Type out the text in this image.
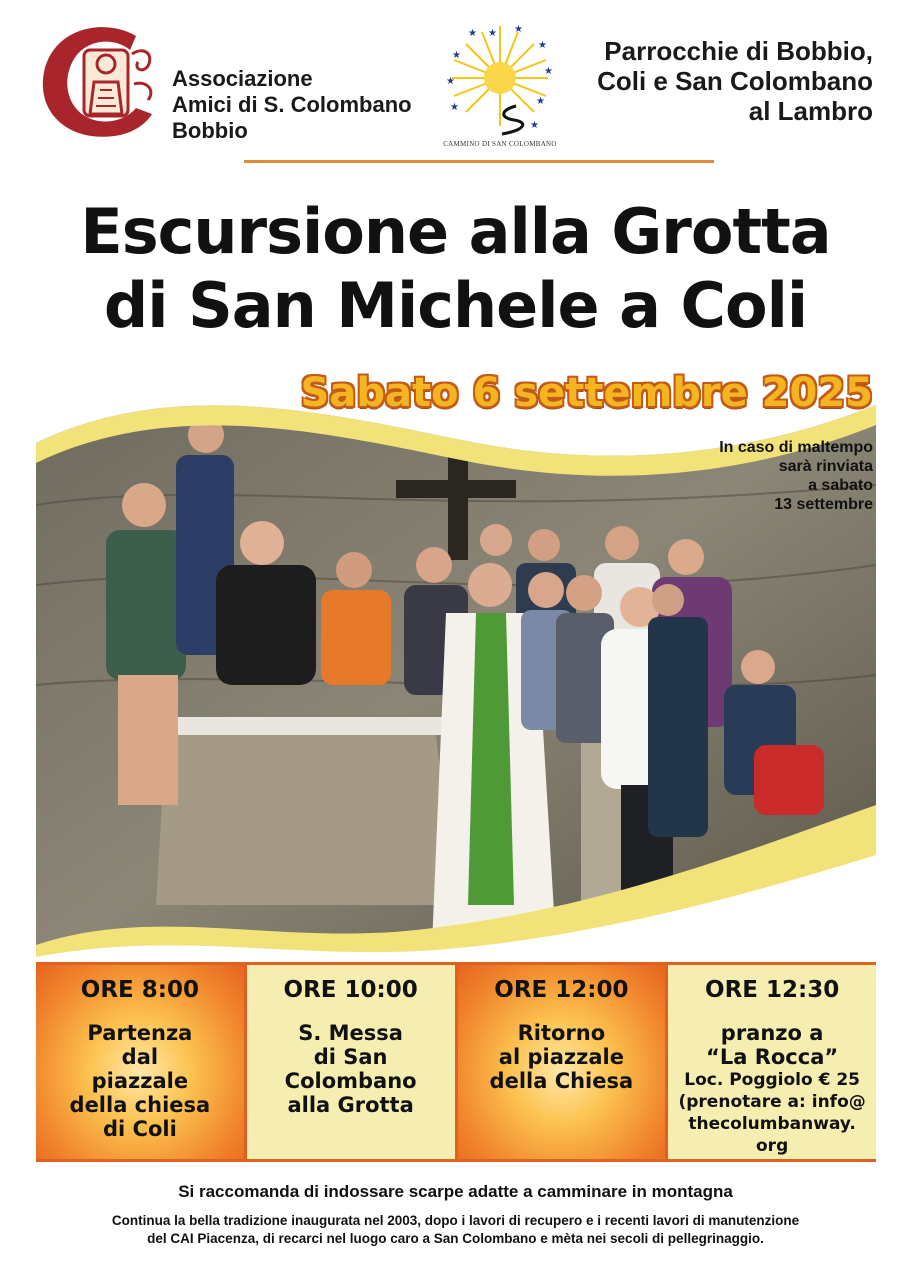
Associazione
Amici di S. Colombano
Bobbio
★	★
★
★
★
★
★
★
★
★
CAMMINO DI SAN COLOMBANO
Parrocchie di Bobbio,
Coli e San Colombano
al Lambro
Escursione alla Grotta
di San Michele a Coli
Sabato 6 settembre 2025
In caso di maltempo
sarà rinviata
a sabato
13 settembre
ORE 8:00
Partenza
dal
piazzale
della chiesa
di Coli
ORE 10:00
S. Messa
di San
Colombano
alla Grotta
ORE 12:00
Ritorno
al piazzale
della Chiesa
ORE 12:30
pranzo a
“La Rocca”
Loc. Poggiolo € 25
(prenotare a: info@
thecolumbanway.
org
Si raccomanda di indossare scarpe adatte a camminare in montagna
Continua la bella tradizione inaugurata nel 2003, dopo i lavori di recupero e i recenti lavori di manutenzione
del CAI Piacenza, di recarci nel luogo caro a San Colombano e mèta nei secoli di pellegrinaggio.
